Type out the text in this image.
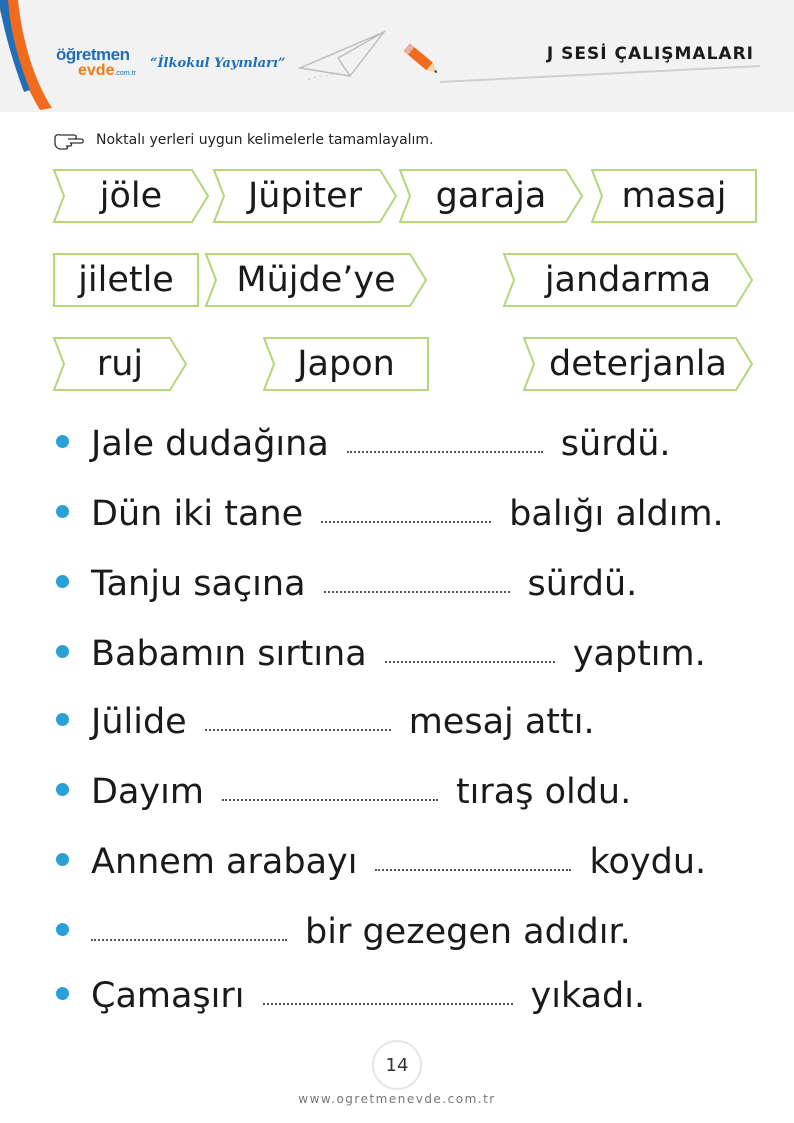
öğretmen
evde.com.tr
“İlkokul Yayınları”	J SESİ ÇALIŞMALARI
Noktalı yerleri uygun kelimelerle tamamlayalım.
jöle Jüpiter garaja masaj
jiletle Müjde’ye	jandarma
ruj	Japon	deterjanla
Jale dudağına	sürdü.
Dün iki tane	balığı aldım.
Tanju saçına	sürdü.
Babamın sırtına	yaptım.
Jülide	mesaj attı.
Dayım	tıraş oldu.
Annem arabayı	koydu.
bir gezegen adıdır.
Çamaşırı	yıkadı.
14
www.ogretmenevde.com.tr
